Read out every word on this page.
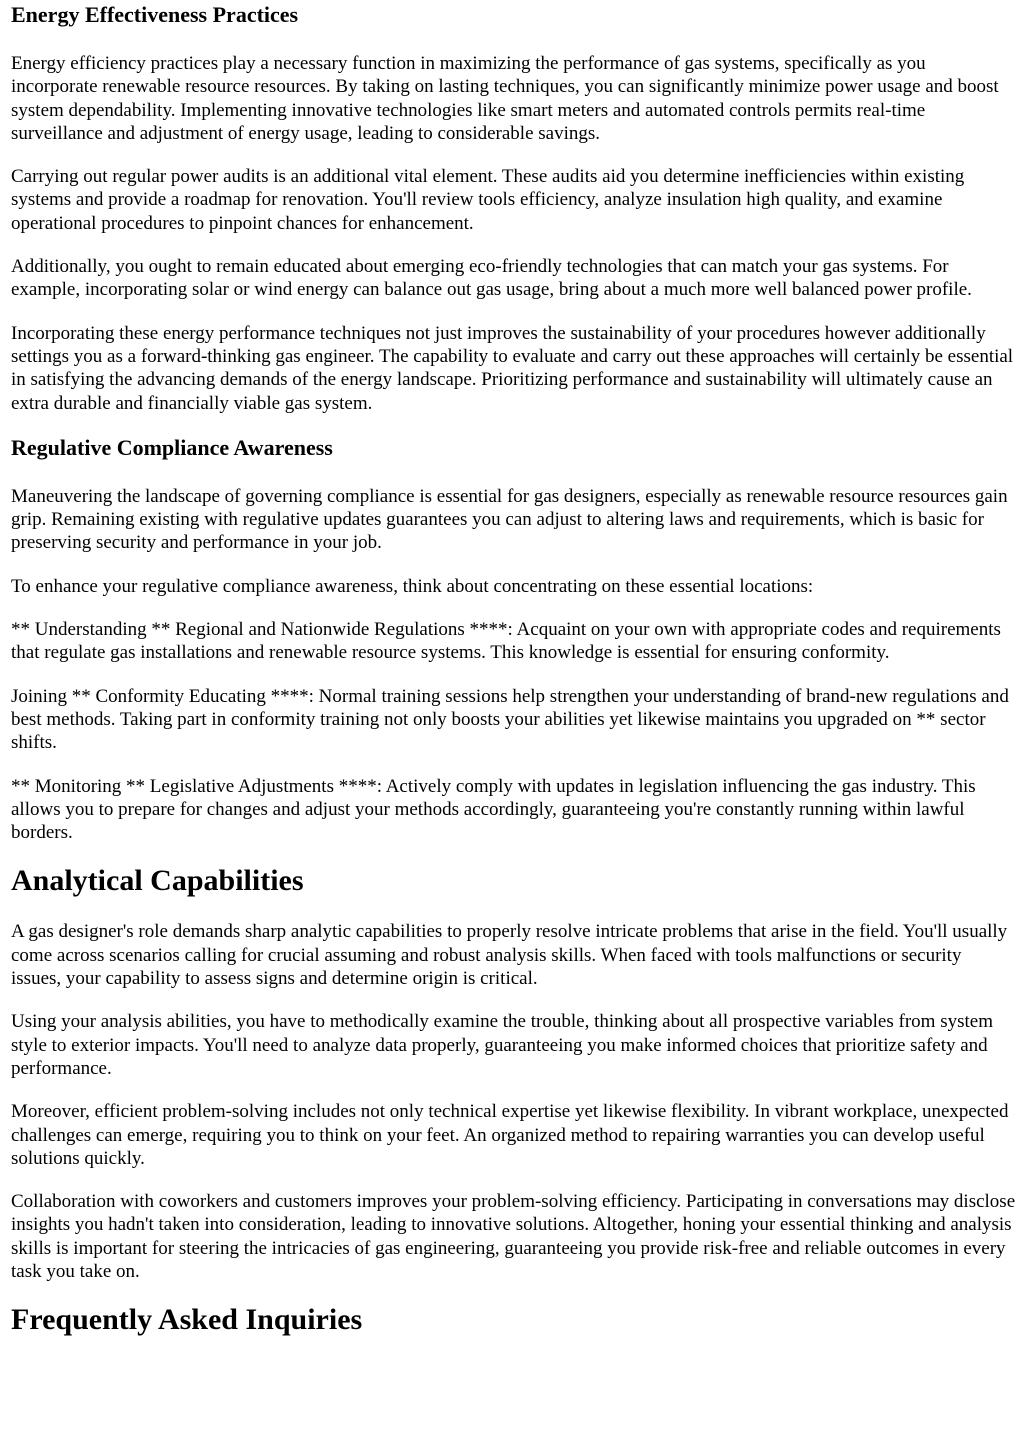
Energy Effectiveness Practices

Energy efficiency practices play a necessary function in maximizing the performance of gas systems, specifically as you incorporate renewable resource resources. By taking on lasting techniques, you can significantly minimize power usage and boost system dependability. Implementing innovative technologies like smart meters and automated controls permits real-time surveillance and adjustment of energy usage, leading to considerable savings.

Carrying out regular power audits is an additional vital element. These audits aid you determine inefficiencies within existing systems and provide a roadmap for renovation. You'll review tools efficiency, analyze insulation high quality, and examine operational procedures to pinpoint chances for enhancement.

Additionally, you ought to remain educated about emerging eco-friendly technologies that can match your gas systems. For example, incorporating solar or wind energy can balance out gas usage, bring about a much more well balanced power profile.

Incorporating these energy performance techniques not just improves the sustainability of your procedures however additionally settings you as a forward-thinking gas engineer. The capability to evaluate and carry out these approaches will certainly be essential in satisfying the advancing demands of the energy landscape. Prioritizing performance and sustainability will ultimately cause an extra durable and financially viable gas system.

Regulative Compliance Awareness

Maneuvering the landscape of governing compliance is essential for gas designers, especially as renewable resource resources gain grip. Remaining existing with regulative updates guarantees you can adjust to altering laws and requirements, which is basic for preserving security and performance in your job.

To enhance your regulative compliance awareness, think about concentrating on these essential locations:

** Understanding ** Regional and Nationwide Regulations ****: Acquaint on your own with appropriate codes and requirements that regulate gas installations and renewable resource systems. This knowledge is essential for ensuring conformity.

Joining ** Conformity Educating ****: Normal training sessions help strengthen your understanding of brand-new regulations and best methods. Taking part in conformity training not only boosts your abilities yet likewise maintains you upgraded on ** sector shifts.

** Monitoring ** Legislative Adjustments ****: Actively comply with updates in legislation influencing the gas industry. This allows you to prepare for changes and adjust your methods accordingly, guaranteeing you're constantly running within lawful borders.

Analytical Capabilities

A gas designer's role demands sharp analytic capabilities to properly resolve intricate problems that arise in the field. You'll usually come across scenarios calling for crucial assuming and robust analysis skills. When faced with tools malfunctions or security issues, your capability to assess signs and determine origin is critical.

Using your analysis abilities, you have to methodically examine the trouble, thinking about all prospective variables from system style to exterior impacts. You'll need to analyze data properly, guaranteeing you make informed choices that prioritize safety and performance.

Moreover, efficient problem-solving includes not only technical expertise yet likewise flexibility. In vibrant workplace, unexpected challenges can emerge, requiring you to think on your feet. An organized method to repairing warranties you can develop useful solutions quickly.

Collaboration with coworkers and customers improves your problem-solving efficiency. Participating in conversations may disclose insights you hadn't taken into consideration, leading to innovative solutions. Altogether, honing your essential thinking and analysis skills is important for steering the intricacies of gas engineering, guaranteeing you provide risk-free and reliable outcomes in every task you take on.

Frequently Asked Inquiries
